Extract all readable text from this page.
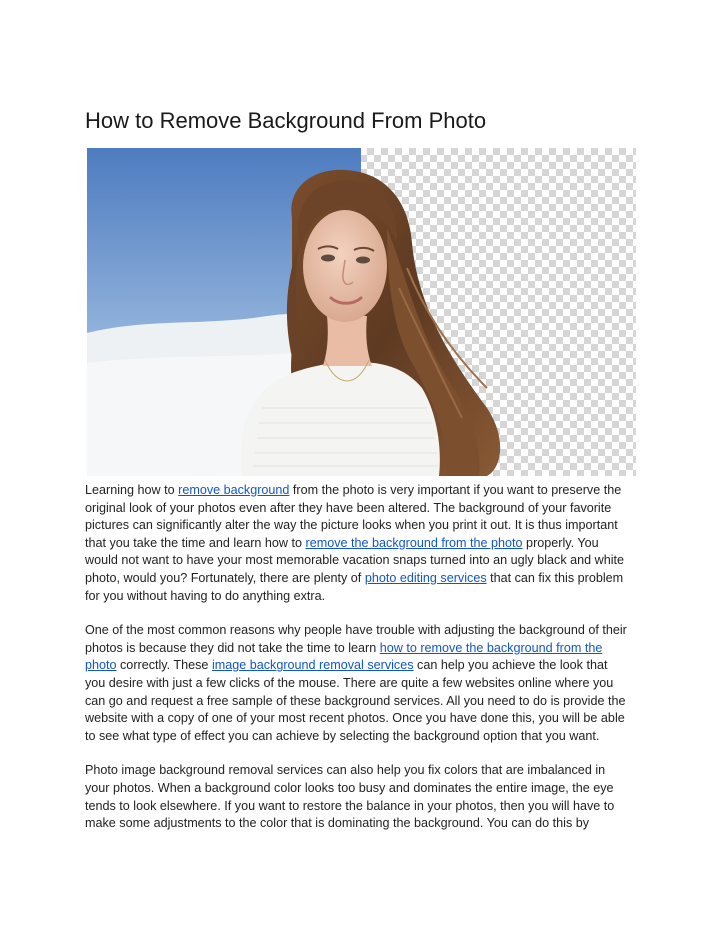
How to Remove Background From Photo

Learning how to remove background from the photo is very important if you want to preserve the original look of your photos even after they have been altered. The background of your favorite pictures can significantly alter the way the picture looks when you print it out. It is thus important that you take the time and learn how to remove the background from the photo properly. You would not want to have your most memorable vacation snaps turned into an ugly black and white photo, would you? Fortunately, there are plenty of photo editing services that can fix this problem for you without having to do anything extra.

One of the most common reasons why people have trouble with adjusting the background of their photos is because they did not take the time to learn how to remove the background from the photo correctly. These image background removal services can help you achieve the look that you desire with just a few clicks of the mouse. There are quite a few websites online where you can go and request a free sample of these background services. All you need to do is provide the website with a copy of one of your most recent photos. Once you have done this, you will be able to see what type of effect you can achieve by selecting the background option that you want.

Photo image background removal services can also help you fix colors that are imbalanced in your photos. When a background color looks too busy and dominates the entire image, the eye tends to look elsewhere. If you want to restore the balance in your photos, then you will have to make some adjustments to the color that is dominating the background. You can do this by
